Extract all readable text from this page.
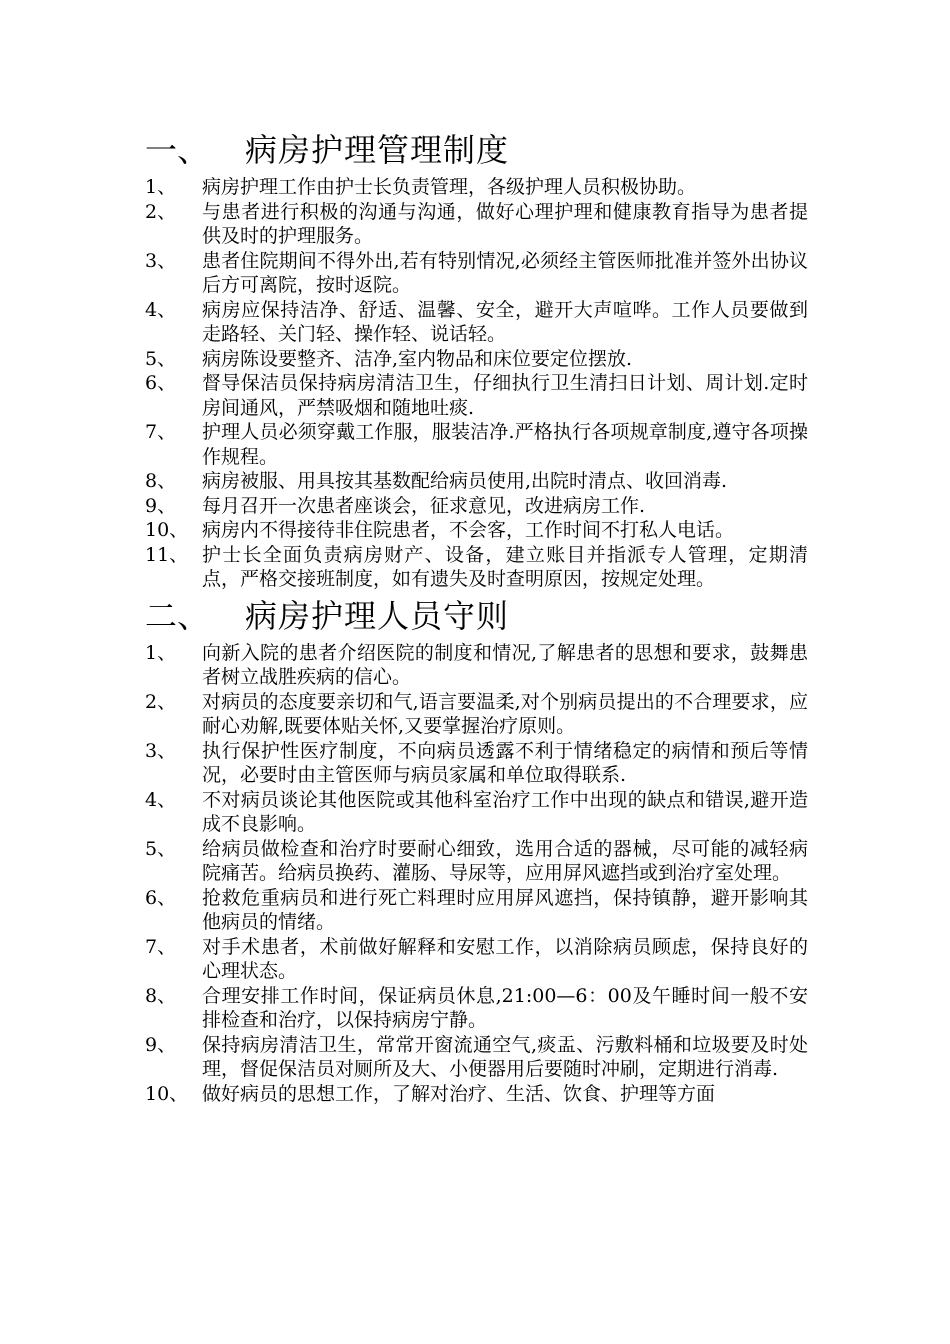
一、	病房护理管理制度
1、	病房护理工作由护士长负责管理，各级护理人员积极协助。
2、	与患者进行积极的沟通与沟通，做好心理护理和健康教育指导为患者提供及时的护理服务。
3、	患者住院期间不得外出,若有特别情况,必须经主管医师批准并签外出协议后方可离院，按时返院。
4、	病房应保持洁净、舒适、温馨、安全，避开大声喧哗。工作人员要做到走路轻、关门轻、操作轻、说话轻。
5、	病房陈设要整齐、洁净,室内物品和床位要定位摆放.
6、	督导保洁员保持病房清洁卫生，仔细执行卫生清扫日计划、周计划.定时房间通风，严禁吸烟和随地吐痰.
7、	护理人员必须穿戴工作服，服装洁净.严格执行各项规章制度,遵守各项操作规程。
8、	病房被服、用具按其基数配给病员使用,出院时清点、收回消毒.
9、	每月召开一次患者座谈会，征求意见，改进病房工作.
10、 病房内不得接待非住院患者，不会客，工作时间不打私人电话。
11、 护士长全面负责病房财产、设备，建立账目并指派专人管理，定期清点，严格交接班制度，如有遗失及时查明原因，按规定处理。
二、	病房护理人员守则
1、	向新入院的患者介绍医院的制度和情况,了解患者的思想和要求，鼓舞患者树立战胜疾病的信心。
2、	对病员的态度要亲切和气,语言要温柔,对个别病员提出的不合理要求，应耐心劝解,既要体贴关怀,又要掌握治疗原则。
3、	执行保护性医疗制度，不向病员透露不利于情绪稳定的病情和预后等情况，必要时由主管医师与病员家属和单位取得联系.
4、	不对病员谈论其他医院或其他科室治疗工作中出现的缺点和错误,避开造成不良影响。
5、	给病员做检查和治疗时要耐心细致，选用合适的器械，尽可能的减轻病院痛苦。给病员换药、灌肠、导尿等，应用屏风遮挡或到治疗室处理。
6、	抢救危重病员和进行死亡料理时应用屏风遮挡，保持镇静，避开影响其他病员的情绪。
7、	对手术患者，术前做好解释和安慰工作，以消除病员顾虑，保持良好的心理状态。
8、	合理安排工作时间，保证病员休息,21:00—6：00及午睡时间一般不安排检查和治疗，以保持病房宁静。
9、	保持病房清洁卫生，常常开窗流通空气,痰盂、污敷料桶和垃圾要及时处理，督促保洁员对厕所及大、小便器用后要随时冲刷，定期进行消毒.
10、 做好病员的思想工作，了解对治疗、生活、饮食、护理等方面
